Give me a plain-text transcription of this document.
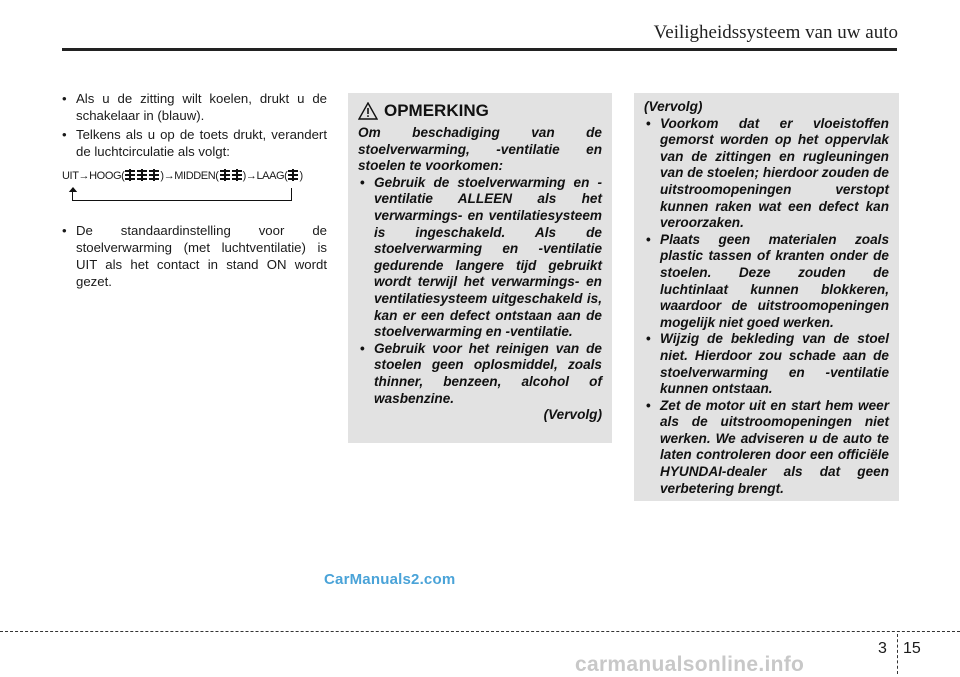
Veiligheidssysteem van uw auto

• Als u de zitting wilt koelen, drukt u de schakelaar in (blauw).

• Telkens als u op de toets drukt, verandert de luchtcirculatie als volgt:

UIT→HOOG(	)→MIDDEN( )→LAAG( )

• De standaardinstelling voor de stoelverwarming (met luchtventilatie) is UIT als het contact in stand ON wordt gezet.

OPMERKING

Om beschadiging van de stoelverwarming, -ventilatie en stoelen te voorkomen:

• Gebruik de stoelverwarming en -ventilatie ALLEEN als het verwarmings- en ventilatiesysteem is ingeschakeld. Als de stoelverwarming en -ventilatie gedurende langere tijd gebruikt wordt terwijl het verwarmings- en ventilatiesysteem uitgeschakeld is, kan er een defect ontstaan aan de stoelverwarming en -ventilatie.

• Gebruik voor het reinigen van de stoelen geen oplosmiddel, zoals thinner, benzeen, alcohol of wasbenzine.

(Vervolg)

(Vervolg)

• Voorkom dat er vloeistoffen gemorst worden op het oppervlak van de zittingen en rugleuningen van de stoelen; hierdoor zouden de uitstroomopeningen verstopt kunnen raken wat een defect kan veroorzaken.

• Plaats geen materialen zoals plastic tassen of kranten onder de stoelen. Deze zouden de luchtinlaat kunnen blokkeren, waardoor de uitstroomopeningen mogelijk niet goed werken.

• Wijzig de bekleding van de stoel niet. Hierdoor zou schade aan de stoelverwarming en -ventilatie kunnen ontstaan.

• Zet de motor uit en start hem weer als de uitstroomopeningen niet werken. We adviseren u de auto te laten controleren door een officiële HYUNDAI-dealer als dat geen verbetering brengt.

CarManuals2.com
3 15
carmanualsonline.info
